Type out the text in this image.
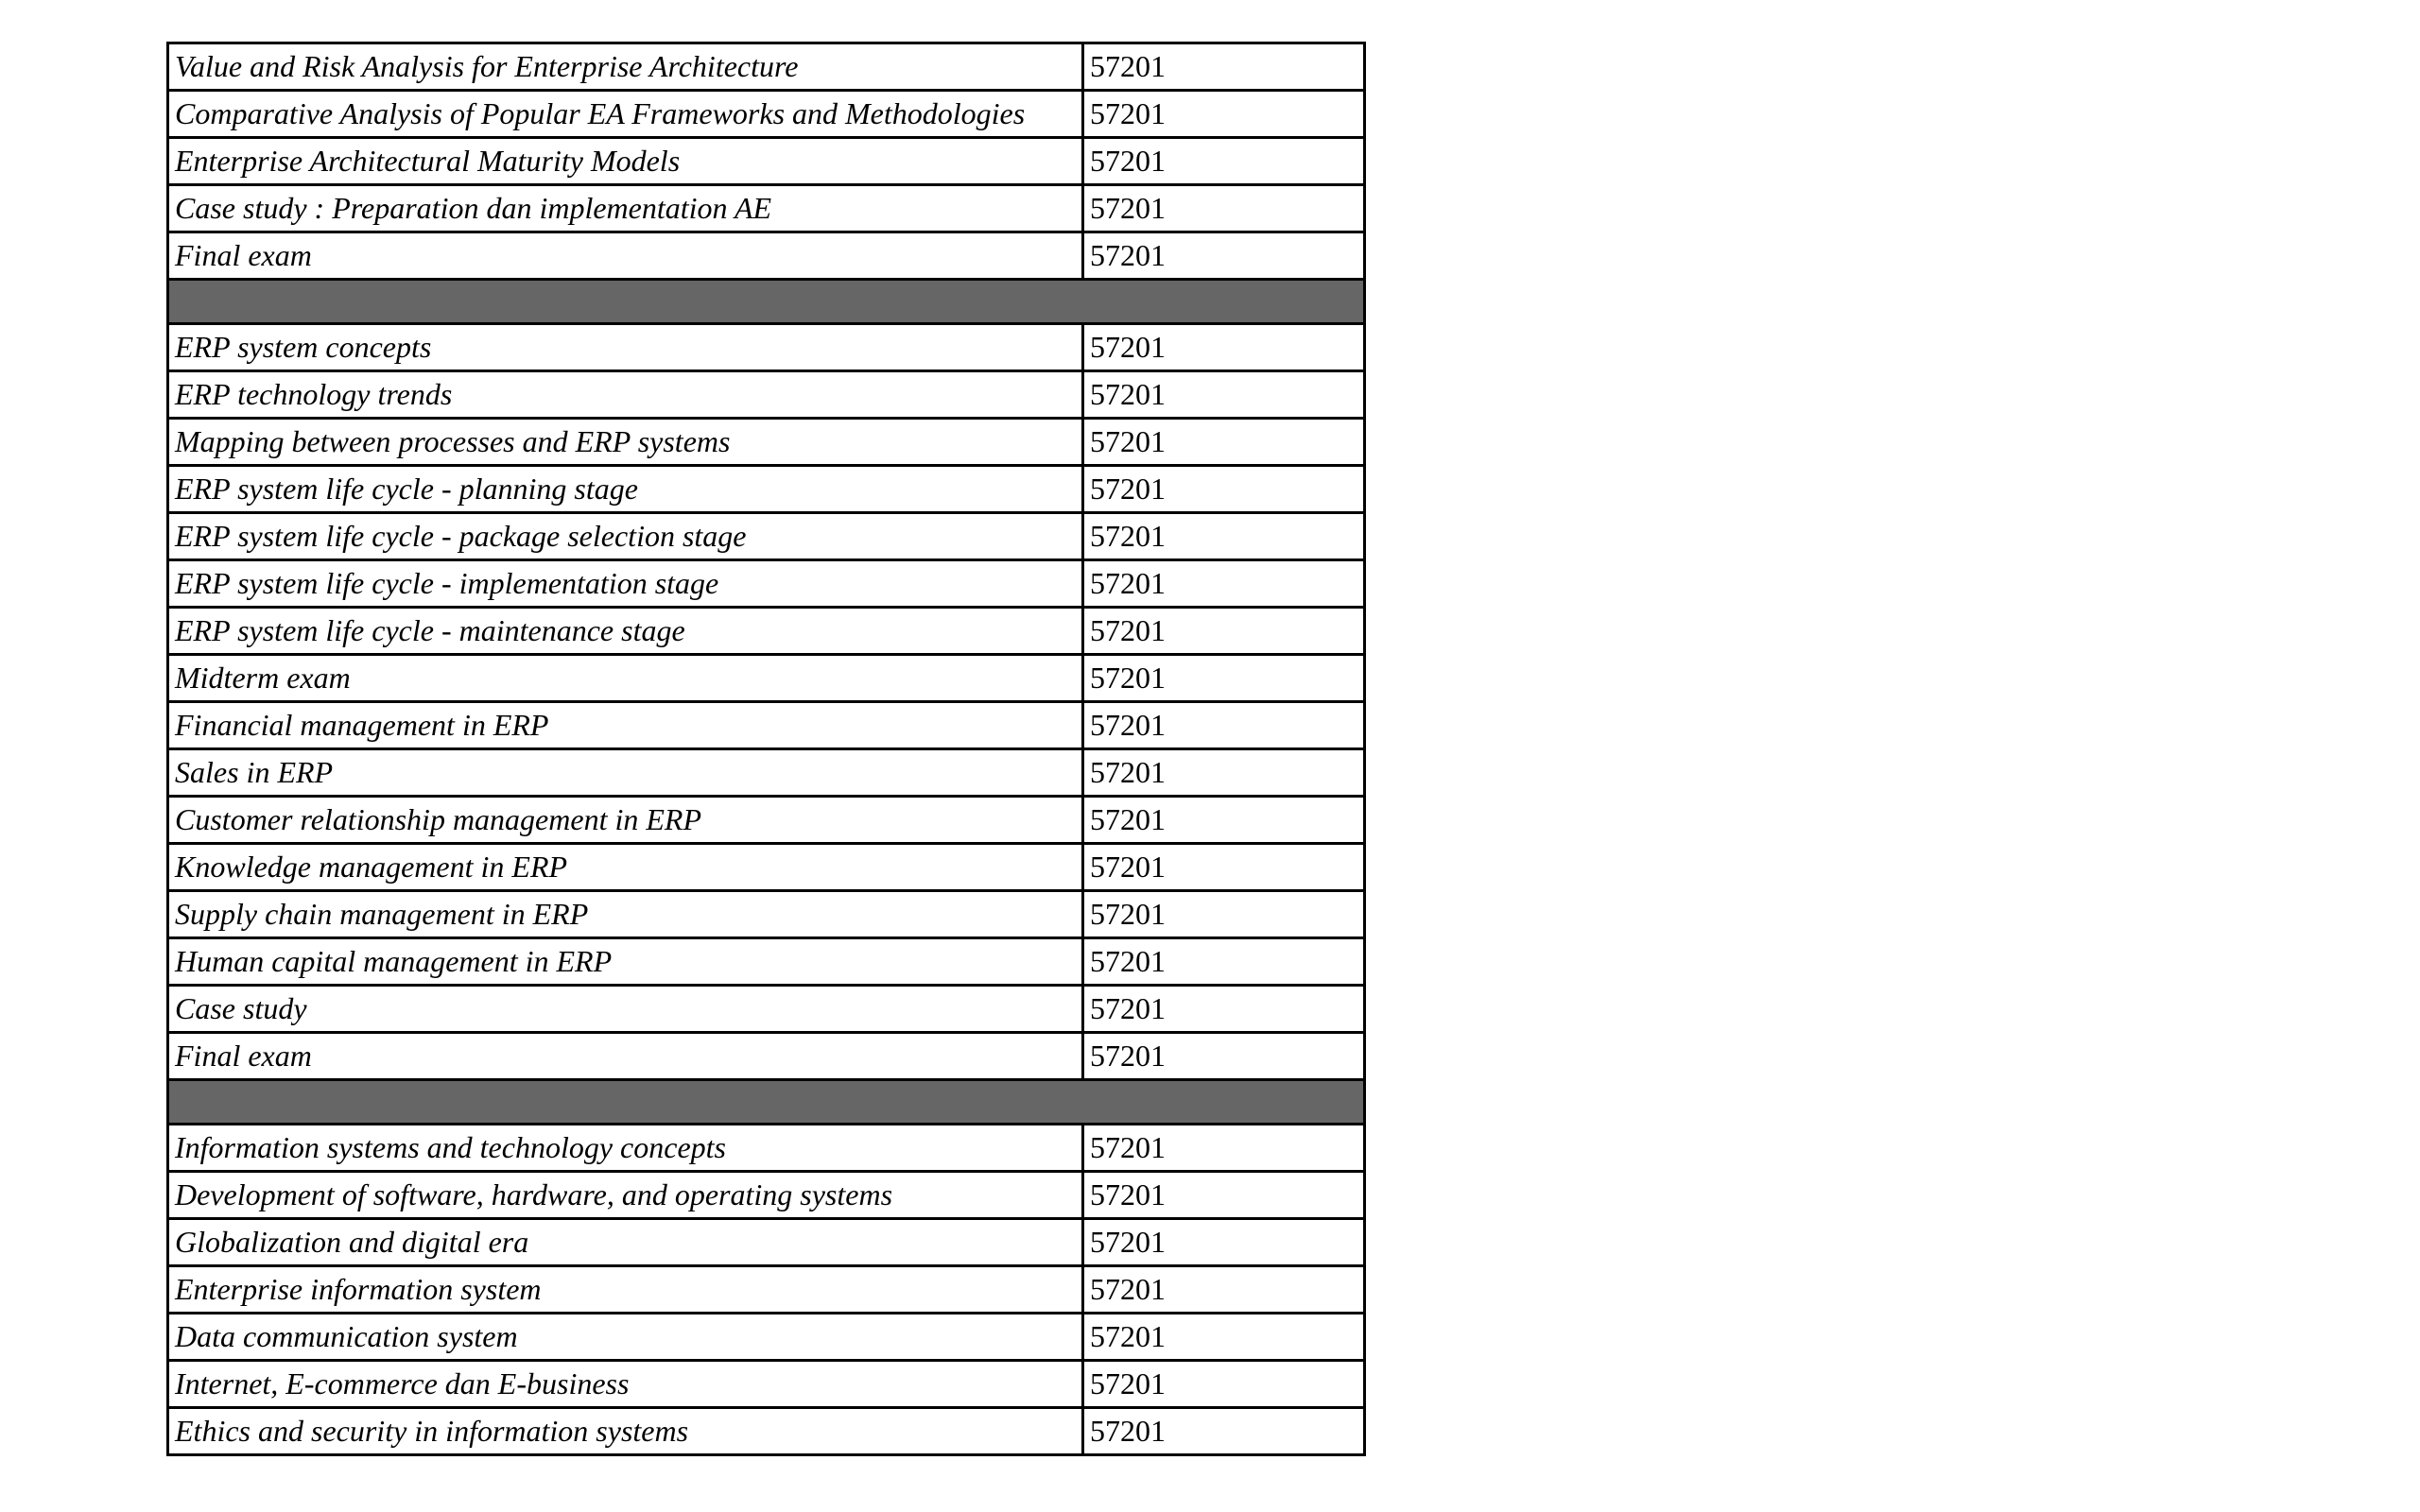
Value and Risk Analysis for Enterprise Architecture	57201
Comparative Analysis of Popular EA Frameworks and Methodologies	57201
Enterprise Architectural Maturity Models	57201
Case study : Preparation dan implementation AE	57201
Final exam	57201

ERP system concepts	57201
ERP technology trends	57201
Mapping between processes and ERP systems	57201
ERP system life cycle - planning stage	57201
ERP system life cycle - package selection stage	57201
ERP system life cycle - implementation stage	57201
ERP system life cycle - maintenance stage	57201
Midterm exam	57201
Financial management in ERP	57201
Sales in ERP	57201
Customer relationship management in ERP	57201
Knowledge management in ERP	57201
Supply chain management in ERP	57201
Human capital management in ERP	57201
Case study	57201
Final exam	57201

Information systems and technology concepts	57201
Development of software, hardware, and operating systems	57201
Globalization and digital era	57201
Enterprise information system	57201
Data communication system	57201
Internet, E-commerce dan E-business	57201
Ethics and security in information systems	57201
